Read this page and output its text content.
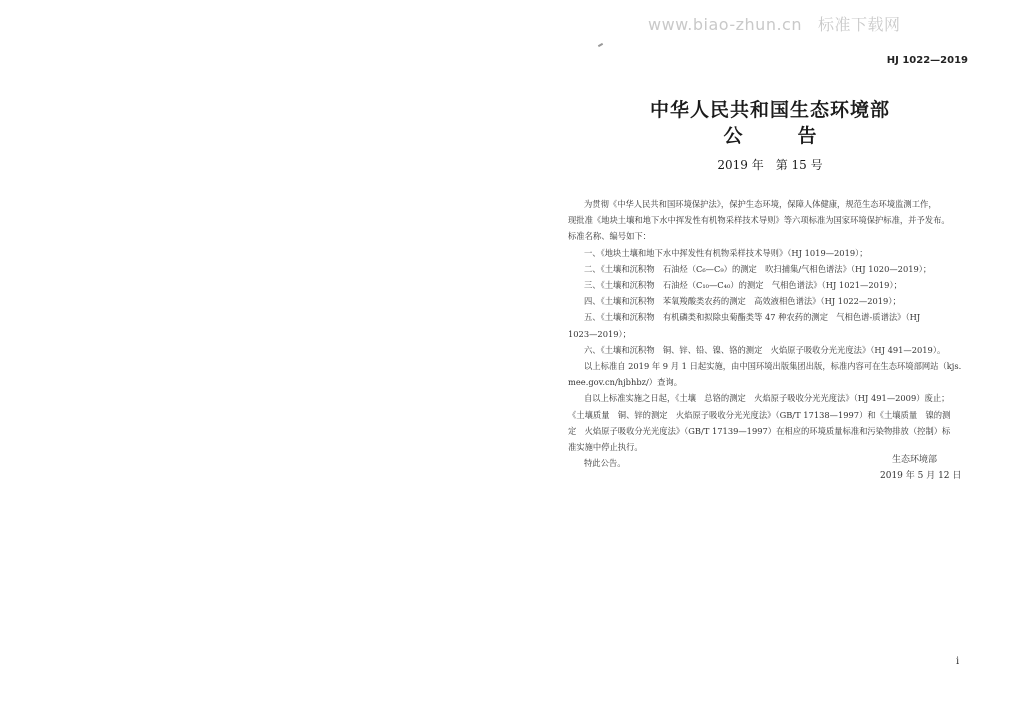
www.biao-zhun.cn 标准下载网
HJ 1022—2019
中华人民共和国生态环境部
公　告
2019 年　第 15 号

为贯彻《中华人民共和国环境保护法》，保护生态环境，保障人体健康，规范生态环境监测工作，

现批准《地块土壤和地下水中挥发性有机物采样技术导则》等六项标准为国家环境保护标准，并予发布。

标准名称、编号如下：

一、《地块土壤和地下水中挥发性有机物采样技术导则》（HJ 1019—2019）；

二、《土壤和沉积物　石油烃（C₆—C₉）的测定　吹扫捕集/气相色谱法》（HJ 1020—2019）；

三、《土壤和沉积物　石油烃（C₁₀—C₄₀）的测定　气相色谱法》（HJ 1021—2019）；

四、《土壤和沉积物　苯氧羧酸类农药的测定　高效液相色谱法》（HJ 1022—2019）；

五、《土壤和沉积物　有机磷类和拟除虫菊酯类等 47 种农药的测定　气相色谱-质谱法》（HJ

1023—2019）；

六、《土壤和沉积物　铜、锌、铅、镍、铬的测定　火焰原子吸收分光光度法》（HJ 491—2019）。

以上标准自 2019 年 9 月 1 日起实施，由中国环境出版集团出版，标准内容可在生态环境部网站（kjs.

mee.gov.cn/hjbhbz/）查询。

自以上标准实施之日起，《土壤　总铬的测定　火焰原子吸收分光光度法》（HJ 491—2009）废止；

《土壤质量　铜、锌的测定　火焰原子吸收分光光度法》（GB/T 17138—1997）和《土壤质量　镍的测

定　火焰原子吸收分光光度法》（GB/T 17139—1997）在相应的环境质量标准和污染物排放（控制）标

准实施中停止执行。

特此公告。	生态环境部
2019 年 5 月 12 日
i
